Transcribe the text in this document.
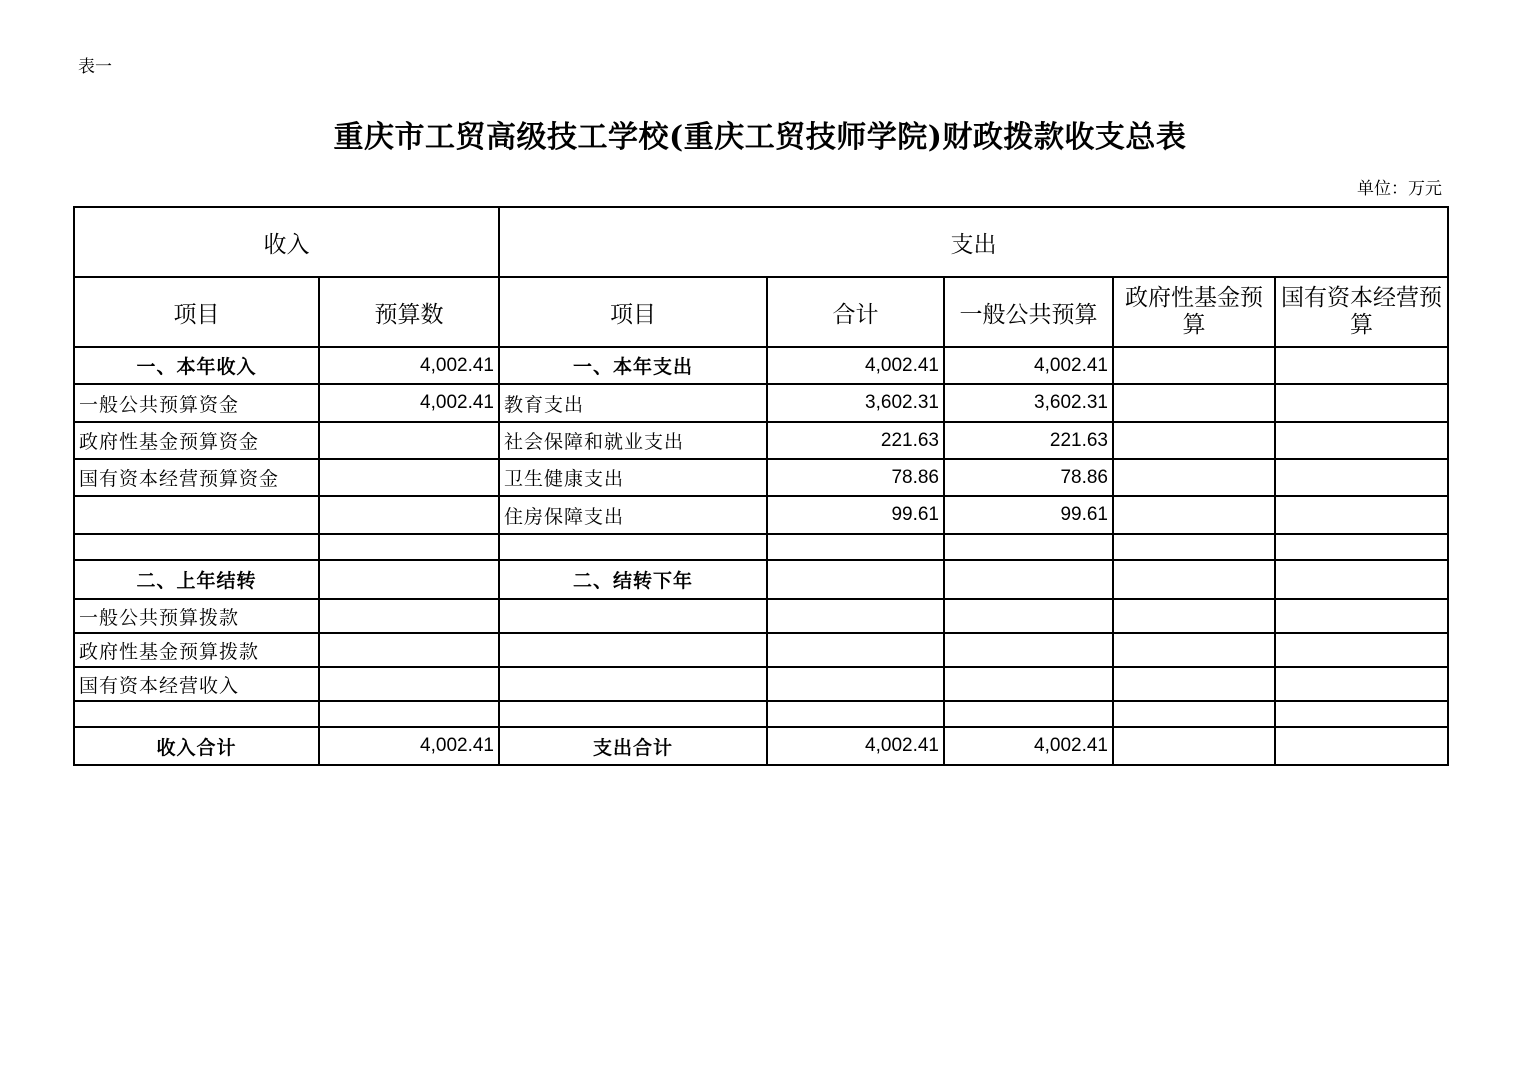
表一
重庆市工贸高级技工学校(重庆工贸技师学院)财政拨款收支总表
单位：万元
收入		支出				
项目	预算数	项目	合计	一般公共预算	政府性基金预算	国有资本经营预算
一、本年收入	4,002.41	一、本年支出	4,002.41	4,002.41		
一般公共预算资金	4,002.41	教育支出	3,602.31	3,602.31		
政府性基金预算资金		社会保障和就业支出	221.63	221.63		
国有资本经营预算资金		卫生健康支出	78.86	78.86		
		住房保障支出	99.61	99.61		

二、上年结转		二、结转下年				
一般公共预算拨款						
政府性基金预算拨款						
国有资本经营收入						

收入合计	4,002.41	支出合计	4,002.41	4,002.41		
